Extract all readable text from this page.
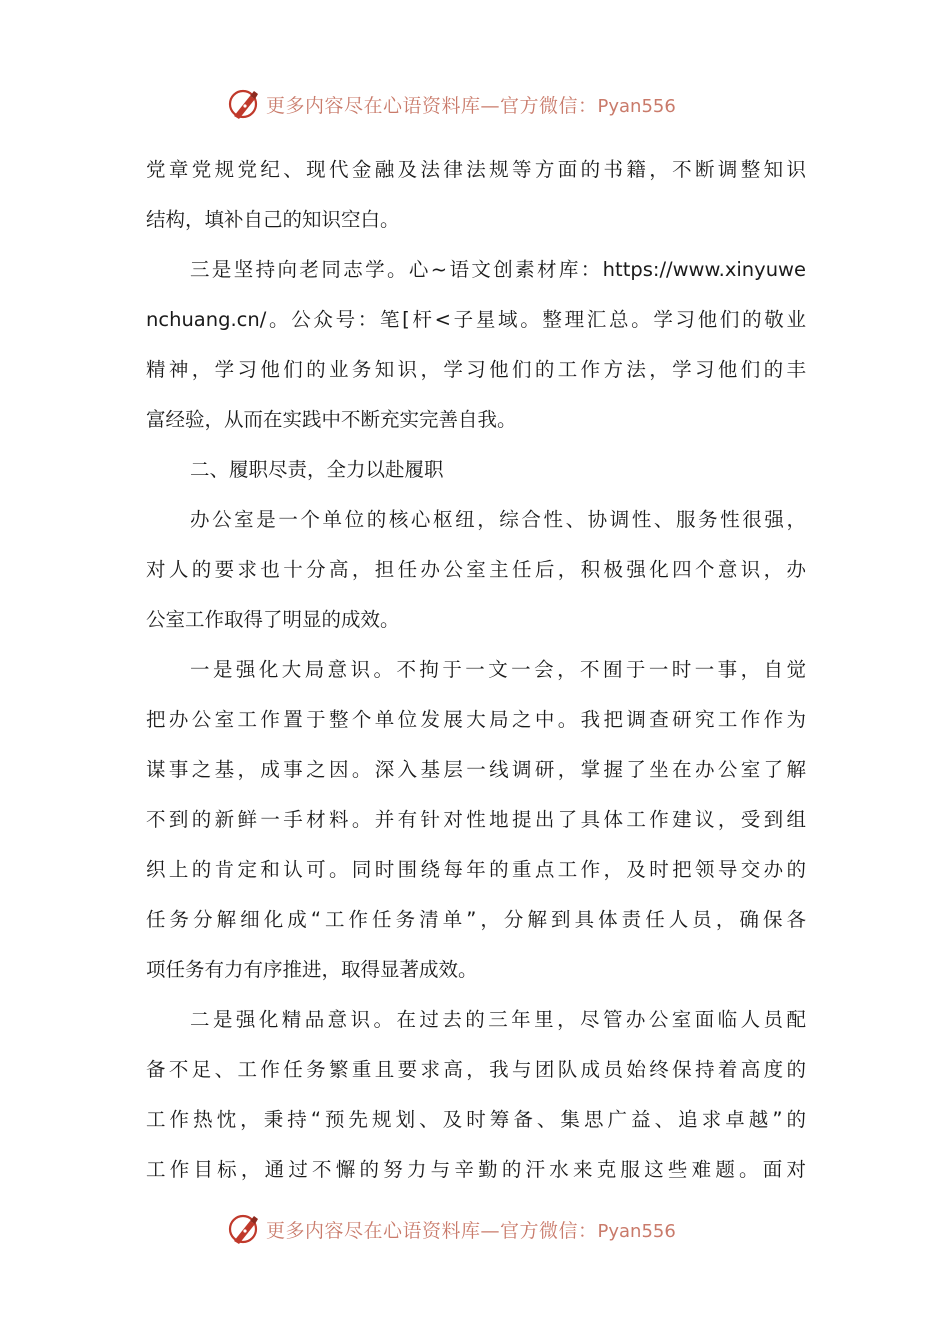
更多内容尽在心语资料库—官方微信：Pyan556
党章党规党纪、现代金融及法律法规等方面的书籍，不断调整知识
结构，填补自己的知识空白。
三是坚持向老同志学。心~语文创素材库：https://www.xinyuwe
nchuang.cn/。公众号：笔[杆<子星域。整理汇总。学习他们的敬业
精神，学习他们的业务知识，学习他们的工作方法，学习他们的丰
富经验，从而在实践中不断充实完善自我。
二、履职尽责，全力以赴履职
办公室是一个单位的核心枢纽，综合性、协调性、服务性很强，
对人的要求也十分高，担任办公室主任后，积极强化四个意识，办
公室工作取得了明显的成效。
一是强化大局意识。不拘于一文一会，不囿于一时一事，自觉
把办公室工作置于整个单位发展大局之中。我把调查研究工作作为
谋事之基，成事之因。深入基层一线调研，掌握了坐在办公室了解
不到的新鲜一手材料。并有针对性地提出了具体工作建议，受到组
织上的肯定和认可。同时围绕每年的重点工作，及时把领导交办的
任务分解细化成“工作任务清单”，分解到具体责任人员，确保各
项任务有力有序推进，取得显著成效。
二是强化精品意识。在过去的三年里，尽管办公室面临人员配
备不足、工作任务繁重且要求高，我与团队成员始终保持着高度的
工作热忱，秉持“预先规划、及时筹备、集思广益、追求卓越”的
工作目标，通过不懈的努力与辛勤的汗水来克服这些难题。面对
更多内容尽在心语资料库—官方微信：Pyan556
